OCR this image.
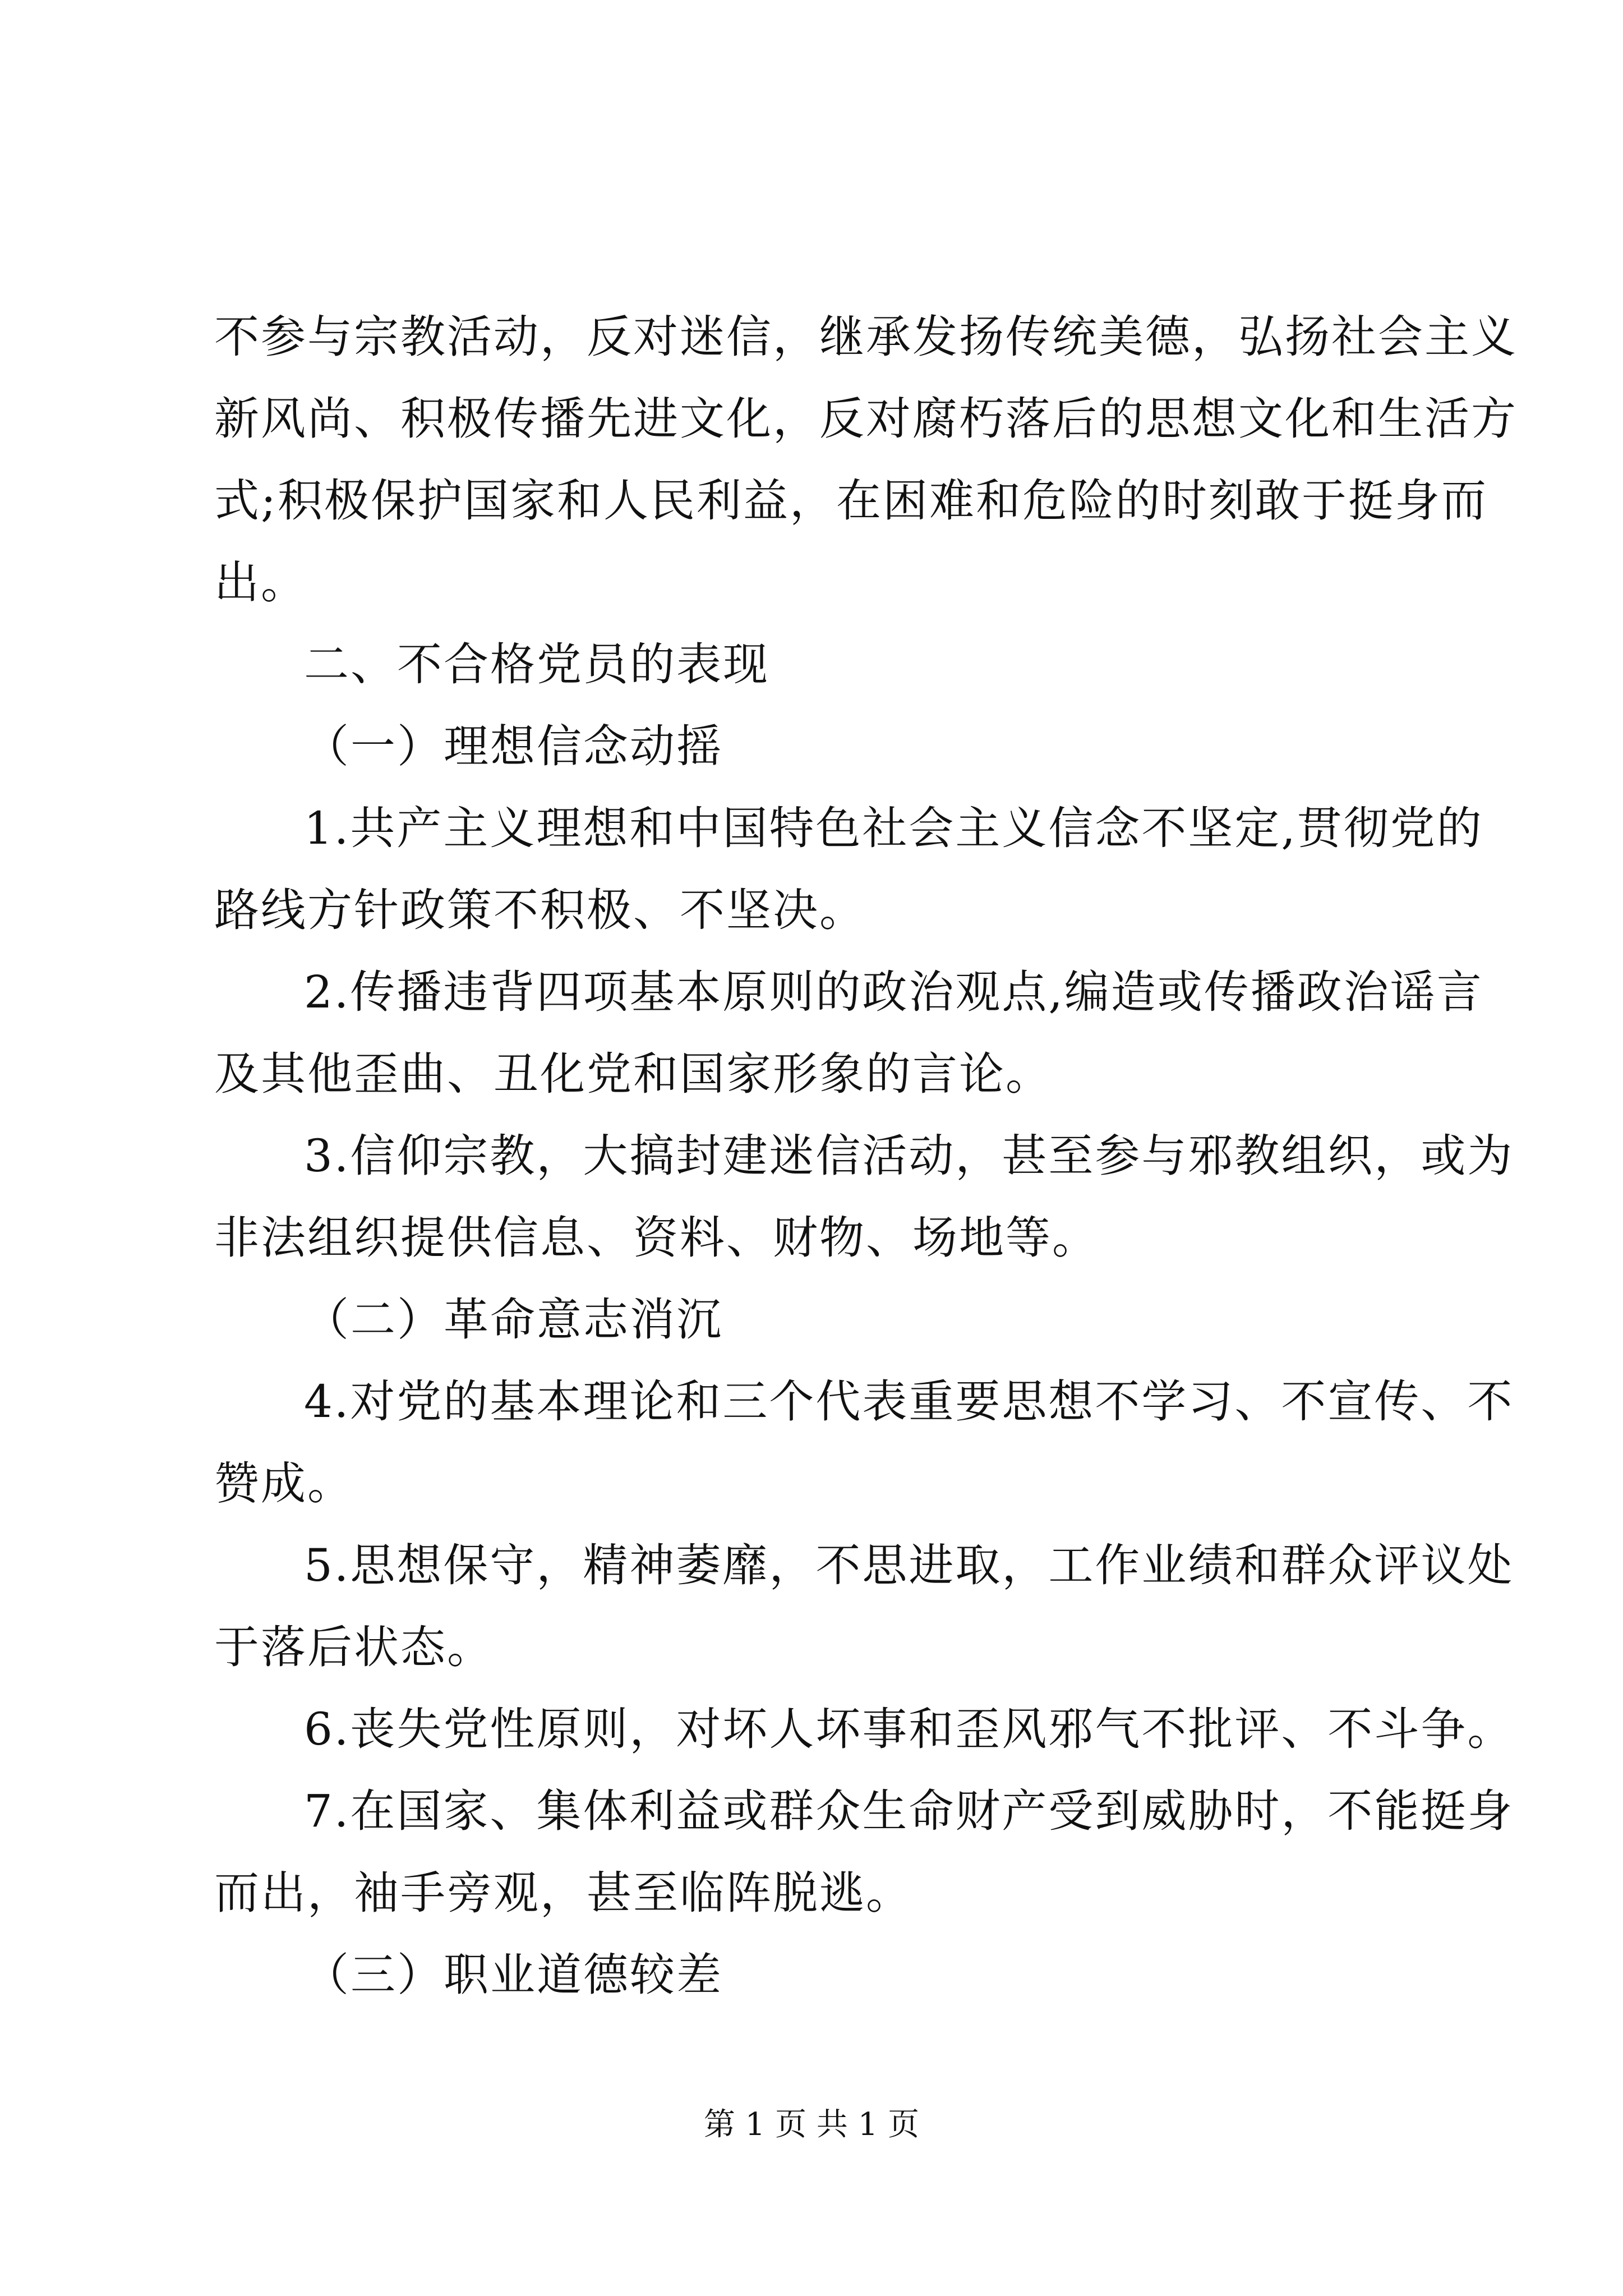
不参与宗教活动，反对迷信，继承发扬传统美德，弘扬社会主义
新风尚、积极传播先进文化，反对腐朽落后的思想文化和生活方
式;积极保护国家和人民利益，在困难和危险的时刻敢于挺身而
出。
二、不合格党员的表现
（一）理想信念动摇
1.共产主义理想和中国特色社会主义信念不坚定,贯彻党的
路线方针政策不积极、不坚决。
2.传播违背四项基本原则的政治观点,编造或传播政治谣言
及其他歪曲、丑化党和国家形象的言论。
3.信仰宗教，大搞封建迷信活动，甚至参与邪教组织，或为
非法组织提供信息、资料、财物、场地等。
（二）革命意志消沉
4.对党的基本理论和三个代表重要思想不学习、不宣传、不
赞成。
5.思想保守，精神萎靡，不思进取，工作业绩和群众评议处
于落后状态。
6.丧失党性原则，对坏人坏事和歪风邪气不批评、不斗争。
7.在国家、集体利益或群众生命财产受到威胁时，不能挺身
而出，袖手旁观，甚至临阵脱逃。
（三）职业道德较差
第 1 页 共 1 页
